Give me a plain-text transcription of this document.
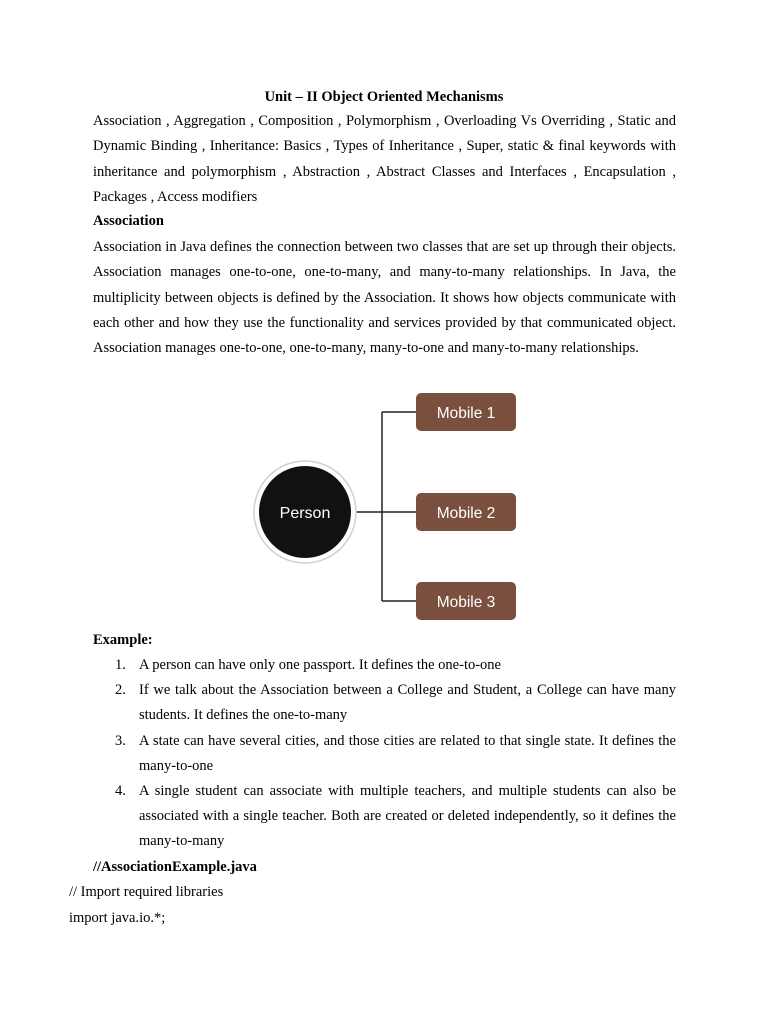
Unit – II Object Oriented Mechanisms

Association , Aggregation , Composition , Polymorphism , Overloading Vs Overriding , Static and Dynamic Binding , Inheritance: Basics , Types of Inheritance , Super, static & final keywords with inheritance and polymorphism , Abstraction , Abstract Classes and Interfaces , Encapsulation , Packages , Access modifiers

Association

Association in Java defines the connection between two classes that are set up through their objects. Association manages one-to-one, one-to-many, and many-to-many relationships. In Java, the multiplicity between objects is defined by the Association. It shows how objects communicate with each other and how they use the functionality and services provided by that communicated object. Association manages one-to-one, one-to-many, many-to-one and many-to-many relationships.

Person
Mobile 1
Mobile 2
Mobile 3
Example:
1. A person can have only one passport. It defines the one-to-one
2. If we talk about the Association between a College and Student, a College can have many students. It defines the one-to-many
3. A state can have several cities, and those cities are related to that single state. It defines the many-to-one
4. A single student can associate with multiple teachers, and multiple students can also be associated with a single teacher. Both are created or deleted independently, so it defines the many-to-many
//AssociationExample.java
// Import required libraries
import java.io.*;
